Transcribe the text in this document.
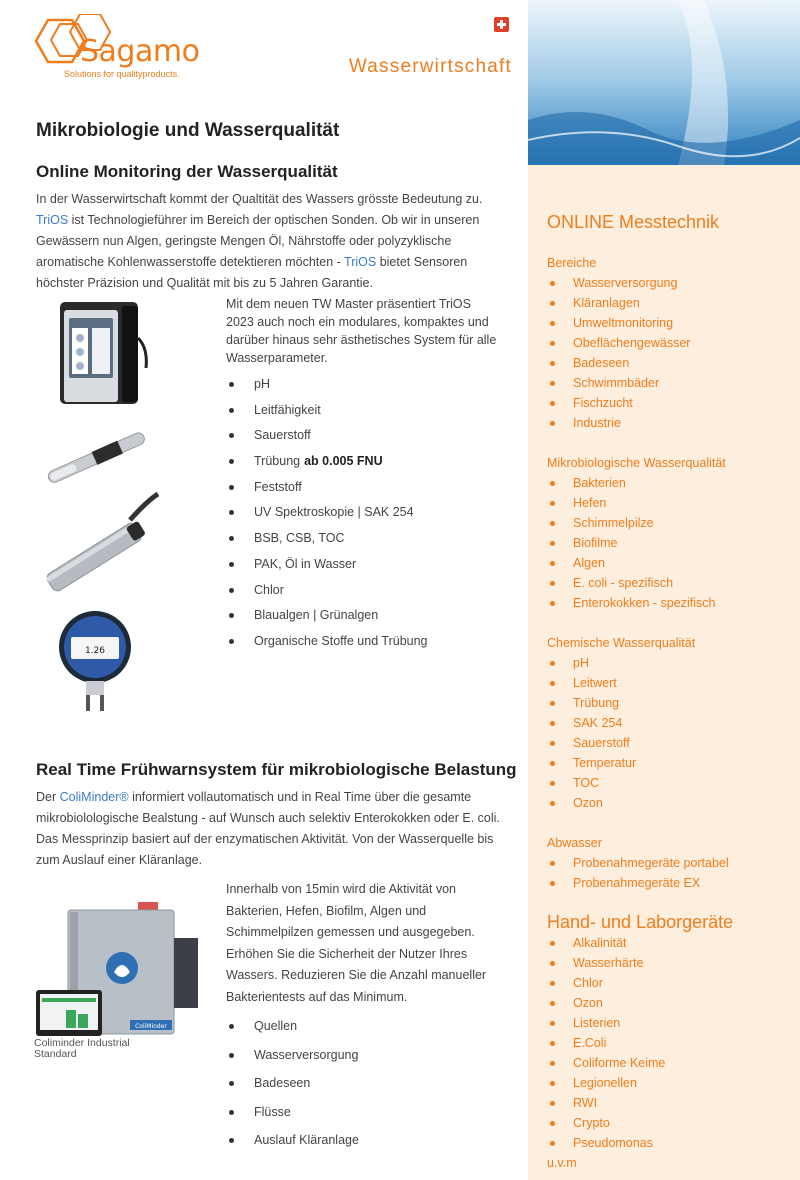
Sagamo
Solutions for qualityproducts.	Wasserwirtschaft
Mikrobiologie und Wasserqualität
Online Monitoring der Wasserqualität
In der Wasserwirtschaft kommt der Qualtität des Wassers grösste Bedeutung zu.
TriOS ist Technologieführer im Bereich der optischen Sonden. Ob wir in unseren
Gewässern nun Algen, geringste Mengen Öl, Nährstoffe oder polyzyklische
aromatische Kohlenwasserstoffe detektieren möchten - TriOS bietet Sensoren
höchster Präzision und Qualität mit bis zu 5 Jahren Garantie.
1.26
Mit dem neuen TW Master präsentiert TriOS 2023 auch noch ein modulares, kompaktes und darüber hinaus sehr ästhetisches System für alle Wasserparameter.
pH
Leitfähigkeit
Sauerstoff
Trübung ab 0.005 FNU
Feststoff
UV Spektroskopie | SAK 254
BSB, CSB, TOC
PAK, Öl in Wasser
Chlor
Blaualgen | Grünalgen
Organische Stoffe und Trübung
Real Time Frühwarnsystem für mikrobiologische Belastung
Der ColiMinder® informiert vollautomatisch und in Real Time über die gesamte
mikrobiolologische Bealstung - auf Wunsch auch selektiv Enterokokken oder E. coli.
Das Messprinzip basiert auf der enzymatischen Aktivität. Von der Wasserquelle bis
zum Auslauf einer Kläranlage.
ColiMinder
Coliminder Industrial Standard
Innerhalb von 15min wird die Aktivität von Bakterien, Hefen, Biofilm, Algen und Schimmelpilzen gemessen und ausgegeben. Erhöhen Sie die Sicherheit der Nutzer Ihres Wassers. Reduzieren Sie die Anzahl manueller Bakterientests auf das Minimum.
Quellen
Wasserversorgung
Badeseen
Flüsse
Auslauf Kläranlage
ONLINE Messtechnik
Bereiche
Wasserversorgung
Kläranlagen
Umweltmonitoring
Obeflächengewässer
Badeseen
Schwimmbäder
Fischzucht
Industrie
Mikrobiologische Wasserqualität
Bakterien
Hefen
Schimmelpilze
Biofilme
Algen
E. coli - spezifisch
Enterokokken - spezifisch
Chemische Wasserqualität
pH
Leitwert
Trübung
SAK 254
Sauerstoff
Temperatur
TOC
Ozon
Abwasser
Probenahmegeräte portabel
Probenahmegeräte EX
Hand- und Laborgeräte
Alkalinität
Wasserhärte
Chlor
Ozon
Listerien
E.Coli
Coliforme Keime
Legionellen
RWI
Crypto
Pseudomonas
u.v.m
